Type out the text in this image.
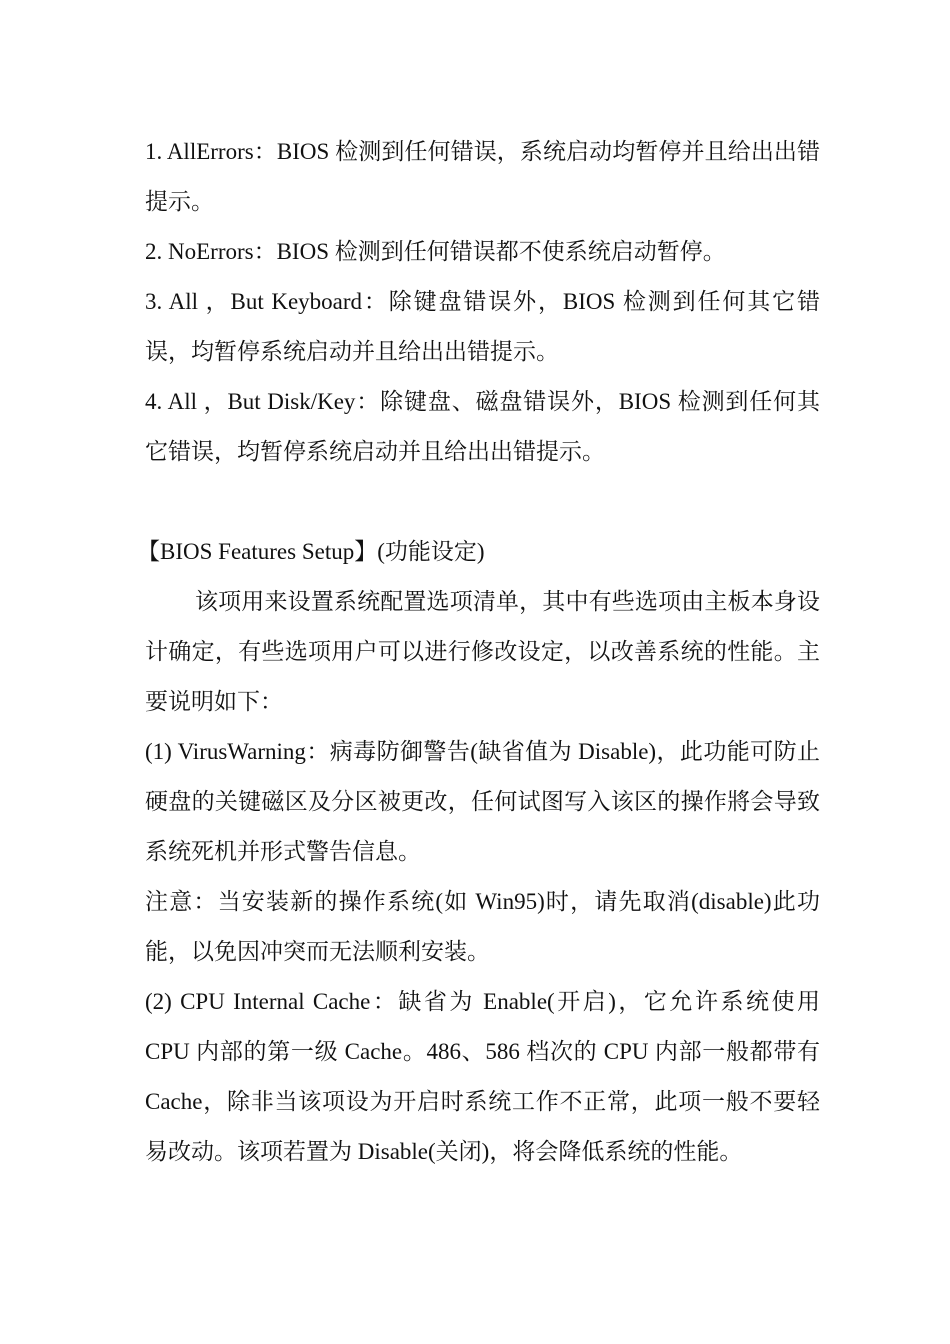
1. AllErrors：BIOS 检测到任何错误，系统启动均暂停并且给出出错提示。

2. NoErrors：BIOS 检测到任何错误都不使系统启动暂停。

3. All ，But Keyboard：除键盘错误外，BIOS 检测到任何其它错误，均暂停系统启动并且给出出错提示。

4. All ，But Disk/Key：除键盘、磁盘错误外，BIOS 检测到任何其它错误，均暂停系统启动并且给出出错提示。

【BIOS Features Setup】(功能设定)

该项用来设置系统配置选项清单，其中有些选项由主板本身设计确定，有些选项用户可以进行修改设定，以改善系统的性能。主要说明如下：

(1) VirusWarning：病毒防御警告(缺省值为 Disable)，此功能可防止硬盘的关键磁区及分区被更改，任何试图写入该区的操作將会导致系统死机并形式警告信息。

注意：当安装新的操作系统(如 Win95)时，请先取消(disable)此功能，以免因冲突而无法顺利安装。

(2) CPU Internal Cache：缺省为 Enable(开启)，它允许系统使用 CPU 内部的第一级 Cache。486、586 档次的 CPU 内部一般都带有 Cache，除非当该项设为开启时系统工作不正常，此项一般不要轻易改动。该项若置为 Disable(关闭)，将会降低系统的性能。
